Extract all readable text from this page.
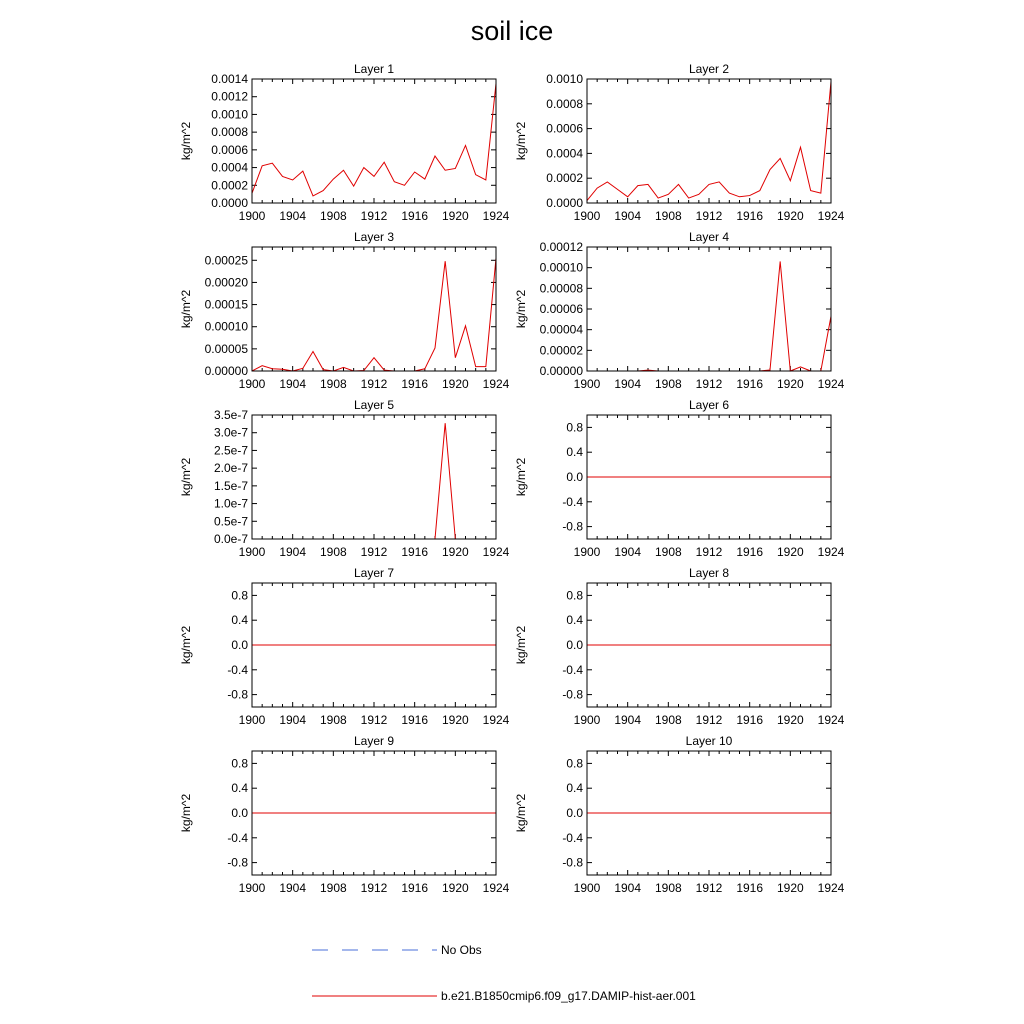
soil ice
Layer 1
kg/m^2
1900 1904 1908 1912 1916 1920 1924
0.0000
0.0002
0.0004
0.0006
0.0008
0.0010
0.0012
0.0014
Layer 2
kg/m^2
1900 1904 1908 1912 1916 1920 1924
0.0000
0.0002
0.0004
0.0006
0.0008
0.0010
Layer 3
kg/m^2
1900 1904 1908 1912 1916 1920 1924
0.00000
0.00005
0.00010
0.00015
0.00020
0.00025
Layer 4
kg/m^2
1900 1904 1908 1912 1916 1920 1924
0.00000
0.00002
0.00004
0.00006
0.00008
0.00010
0.00012
Layer 5
kg/m^2
1900 1904 1908 1912 1916 1920 1924
0.0e-7
0.5e-7
1.0e-7
1.5e-7
2.0e-7
2.5e-7
3.0e-7
3.5e-7
Layer 6
kg/m^2
1900 1904 1908 1912 1916 1920 1924
-0.8
-0.4
0.0
0.4
0.8
Layer 7
kg/m^2
1900 1904 1908 1912 1916 1920 1924
-0.8
-0.4
0.0
0.4
0.8
Layer 8
kg/m^2
1900 1904 1908 1912 1916 1920 1924
-0.8
-0.4
0.0
0.4
0.8
Layer 9
kg/m^2
1900 1904 1908 1912 1916 1920 1924
-0.8
-0.4
0.0
0.4
0.8
Layer 10
kg/m^2
1900 1904 1908 1912 1916 1920 1924
-0.8
-0.4
0.0
0.4
0.8
No Obs
b.e21.B1850cmip6.f09_g17.DAMIP-hist-aer.001
